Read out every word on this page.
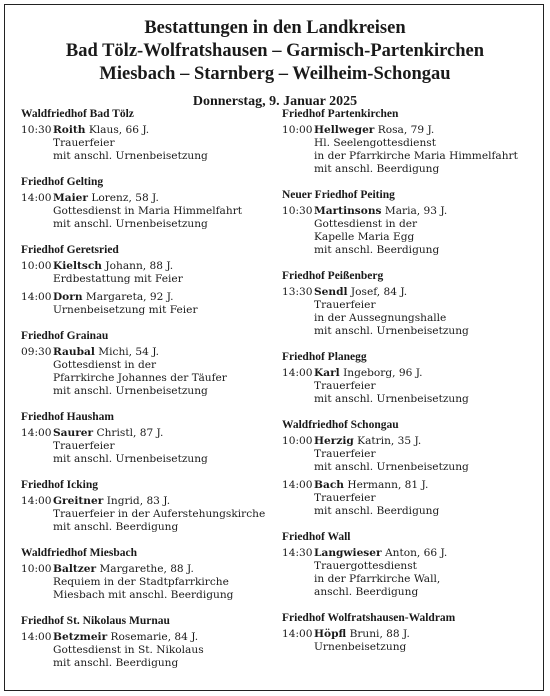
Bestattungen in den Landkreisen
Bad Tölz-Wolfratshausen – Garmisch-Partenkirchen
Miesbach – Starnberg – Weilheim-Schongau
Donnerstag, 9. Januar 2025
Waldfriedhof Bad Tölz
10:30Roith Klaus, 66 J.
Trauerfeier
mit anschl. Urnenbeisetzung
Friedhof Gelting
14:00Maier Lorenz, 58 J.
Gottesdienst in Maria Himmelfahrt
mit anschl. Urnenbeisetzung
Friedhof Geretsried
10:00Kieltsch Johann, 88 J.
Erdbestattung mit Feier
14:00Dorn Margareta, 92 J.
Urnenbeisetzung mit Feier
Friedhof Grainau
09:30Raubal Michi, 54 J.
Gottesdienst in der
Pfarrkirche Johannes der Täufer
mit anschl. Urnenbeisetzung
Friedhof Hausham
14:00Saurer Christl, 87 J.
Trauerfeier
mit anschl. Urnenbeisetzung
Friedhof Icking
14:00Greitner Ingrid, 83 J.
Trauerfeier in der Auferstehungskirche
mit anschl. Beerdigung
Waldfriedhof Miesbach
10:00Baltzer Margarethe, 88 J.
Requiem in der Stadtpfarrkirche
Miesbach mit anschl. Beerdigung
Friedhof St. Nikolaus Murnau
14:00Betzmeir Rosemarie, 84 J.
Gottesdienst in St. Nikolaus
mit anschl. Beerdigung
Friedhof Partenkirchen
10:00Hellweger Rosa, 79 J.
Hl. Seelengottesdienst
in der Pfarrkirche Maria Himmelfahrt
mit anschl. Beerdigung
Neuer Friedhof Peiting
10:30Martinsons Maria, 93 J.
Gottesdienst in der
Kapelle Maria Egg
mit anschl. Beerdigung
Friedhof Peißenberg
13:30Sendl Josef, 84 J.
Trauerfeier
in der Aussegnungshalle
mit anschl. Urnenbeisetzung
Friedhof Planegg
14:00Karl Ingeborg, 96 J.
Trauerfeier
mit anschl. Urnenbeisetzung
Waldfriedhof Schongau
10:00Herzig Katrin, 35 J.
Trauerfeier
mit anschl. Urnenbeisetzung
14:00Bach Hermann, 81 J.
Trauerfeier
mit anschl. Beerdigung
Friedhof Wall
14:30Langwieser Anton, 66 J.
Trauergottesdienst
in der Pfarrkirche Wall,
anschl. Beerdigung
Friedhof Wolfratshausen-Waldram
14:00Höpfl Bruni, 88 J.
Urnenbeisetzung
